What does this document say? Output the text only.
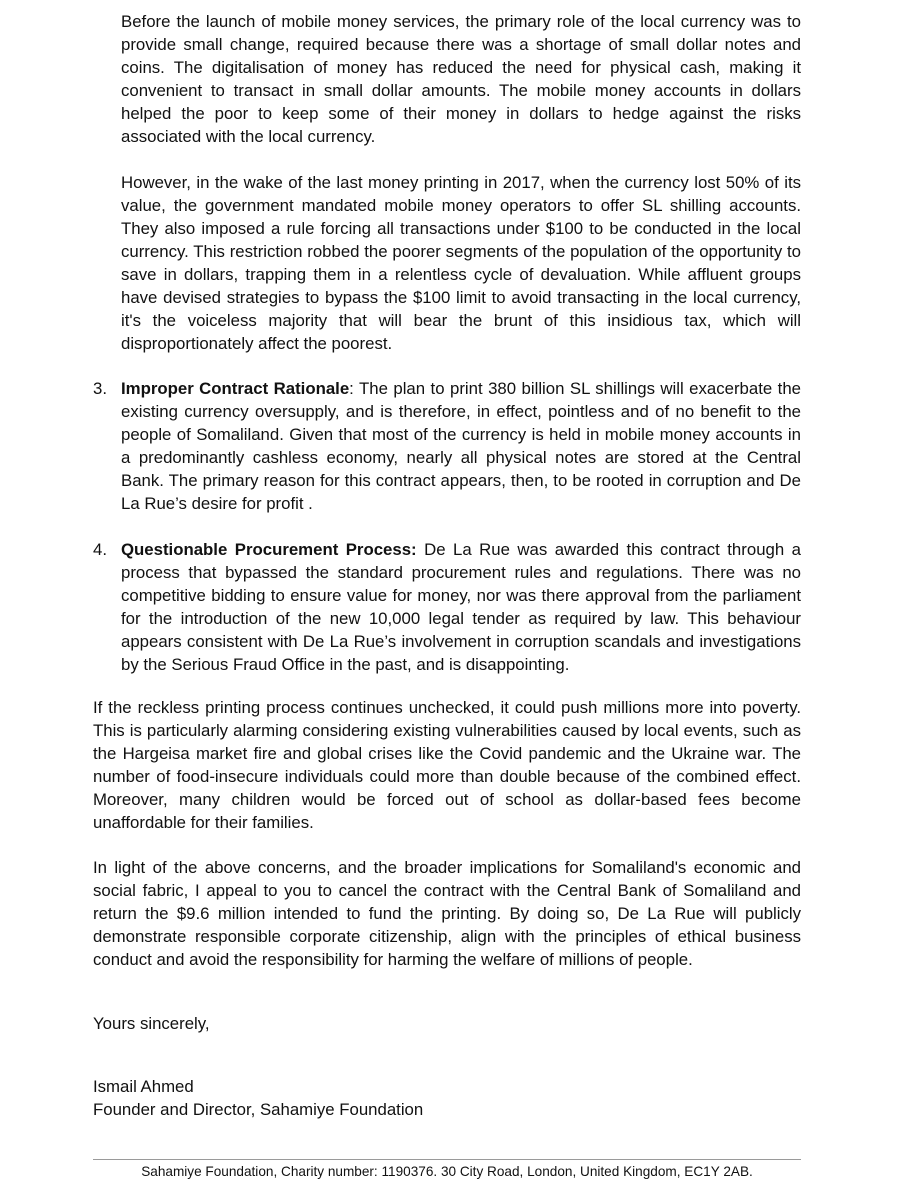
Before the launch of mobile money services, the primary role of the local currency was to provide small change, required because there was a shortage of small dollar notes and coins. The digitalisation of money has reduced the need for physical cash, making it convenient to transact in small dollar amounts. The mobile money accounts in dollars helped the poor to keep some of their money in dollars to hedge against the risks associated with the local currency.

However, in the wake of the last money printing in 2017, when the currency lost 50% of its value, the government mandated mobile money operators to offer SL shilling accounts. They also imposed a rule forcing all transactions under $100 to be conducted in the local currency. This restriction robbed the poorer segments of the population of the opportunity to save in dollars, trapping them in a relentless cycle of devaluation. While affluent groups have devised strategies to bypass the $100 limit to avoid transacting in the local currency, it's the voiceless majority that will bear the brunt of this insidious tax, which will disproportionately affect the poorest.

3. Improper Contract Rationale: The plan to print 380 billion SL shillings will exacerbate the existing currency oversupply, and is therefore, in effect, pointless and of no benefit to the people of Somaliland. Given that most of the currency is held in mobile money accounts in a predominantly cashless economy, nearly all physical notes are stored at the Central Bank. The primary reason for this contract appears, then, to be rooted in corruption and De La Rue’s desire for profit .

4. Questionable Procurement Process: De La Rue was awarded this contract through a process that bypassed the standard procurement rules and regulations. There was no competitive bidding to ensure value for money, nor was there approval from the parliament for the introduction of the new 10,000 legal tender as required by law. This behaviour appears consistent with De La Rue’s involvement in corruption scandals and investigations by the Serious Fraud Office in the past, and is disappointing.

If the reckless printing process continues unchecked, it could push millions more into poverty. This is particularly alarming considering existing vulnerabilities caused by local events, such as the Hargeisa market fire and global crises like the Covid pandemic and the Ukraine war. The number of food-insecure individuals could more than double because of the combined effect. Moreover, many children would be forced out of school as dollar-based fees become unaffordable for their families.

In light of the above concerns, and the broader implications for Somaliland's economic and social fabric, I appeal to you to cancel the contract with the Central Bank of Somaliland and return the $9.6 million intended to fund the printing. By doing so, De La Rue will publicly demonstrate responsible corporate citizenship, align with the principles of ethical business conduct and avoid the responsibility for harming the welfare of millions of people.

Yours sincerely,

Ismail Ahmed

Founder and Director, Sahamiye Foundation

Sahamiye Foundation, Charity number: 1190376. 30 City Road, London, United Kingdom, EC1Y 2AB.
